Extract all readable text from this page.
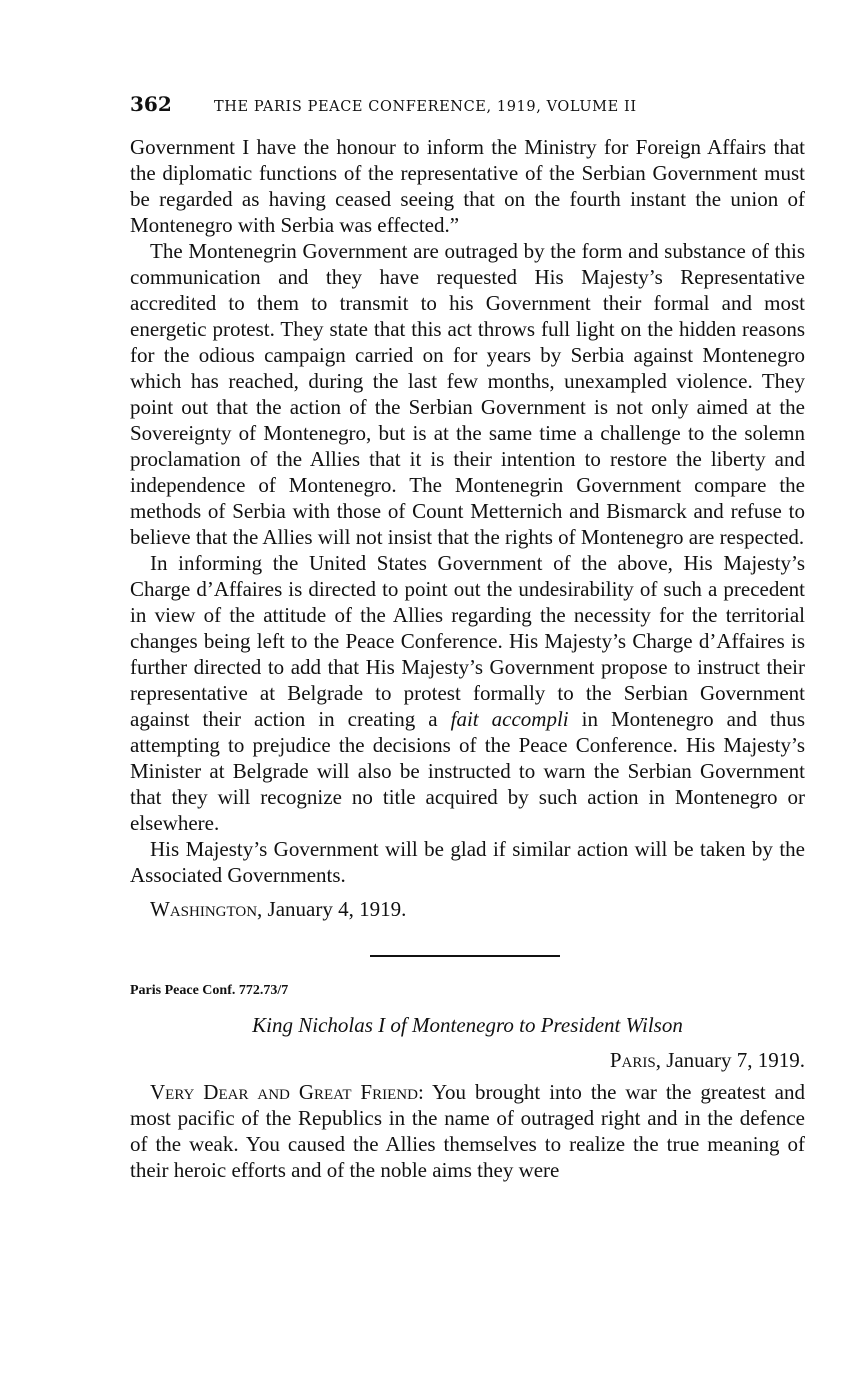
362	THE PARIS PEACE CONFERENCE, 1919, VOLUME II

Government I have the honour to inform the Ministry for Foreign Affairs that the diplomatic functions of the representative of the Serbian Government must be regarded as having ceased seeing that on the fourth instant the union of Montenegro with Serbia was effected.”

The Montenegrin Government are outraged by the form and substance of this communication and they have requested His Majesty’s Representative accredited to them to transmit to his Government their formal and most energetic protest. They state that this act throws full light on the hidden reasons for the odious campaign carried on for years by Serbia against Montenegro which has reached, during the last few months, unexampled violence. They point out that the action of the Serbian Government is not only aimed at the Sovereignty of Montenegro, but is at the same time a challenge to the solemn proclamation of the Allies that it is their intention to restore the liberty and independence of Montenegro. The Montenegrin Government compare the methods of Serbia with those of Count Metternich and Bismarck and refuse to believe that the Allies will not insist that the rights of Montenegro are respected.

In informing the United States Government of the above, His Majesty’s Charge d’Affaires is directed to point out the undesirability of such a precedent in view of the attitude of the Allies regarding the necessity for the territorial changes being left to the Peace Conference. His Majesty’s Charge d’Affaires is further directed to add that His Majesty’s Government propose to instruct their representative at Belgrade to protest formally to the Serbian Government against their action in creating a fait accompli in Montenegro and thus attempting to prejudice the decisions of the Peace Conference. His Majesty’s Minister at Belgrade will also be instructed to warn the Serbian Government that they will recognize no title acquired by such action in Montenegro or elsewhere.

His Majesty’s Government will be glad if similar action will be taken by the Associated Governments.

Washington, January 4, 1919.
Paris Peace Conf. 772.73/7
King Nicholas I of Montenegro to President Wilson
Paris, January 7, 1919.

Very Dear and Great Friend: You brought into the war the greatest and most pacific of the Republics in the name of outraged right and in the defence of the weak. You caused the Allies themselves to realize the true meaning of their heroic efforts and of the noble aims they were
